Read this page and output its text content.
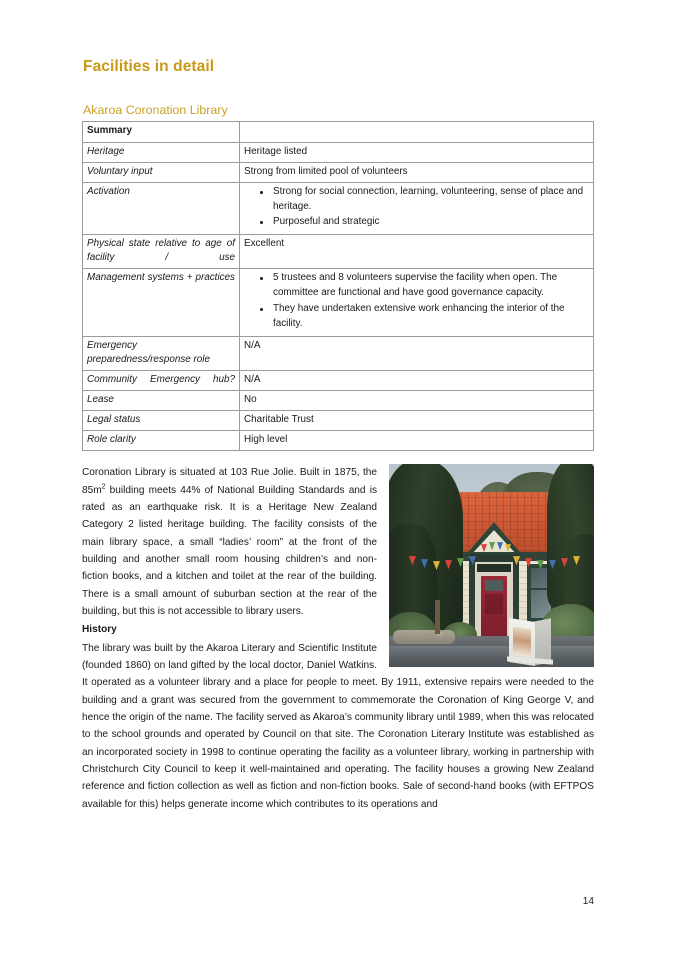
Facilities in detail
Akaroa Coronation Library
Summary	
Heritage	Heritage listed
Voluntary input	Strong from limited pool of volunteers
Activation	Strong for social connection, learning, volunteering, sense of place and heritage.
Purposeful and strategic

Physical state relative to age of facility / use	Excellent
Management systems + practices	5 trustees and 8 volunteers supervise the facility when open. The committee are functional and have good governance capacity.
They have undertaken extensive work enhancing the interior of the facility.

Emergency preparedness/response role	N/A
Community Emergency hub?	N/A
Lease	No
Legal status	Charitable Trust
Role clarity	High level

Coronation Library is situated at 103 Rue Jolie. Built in 1875, the $85m^2$ building meets 44% of National Building Standards and is rated as an earthquake risk. It is a Heritage New Zealand Category 2 listed heritage building. The facility consists of the main library space, a small “ladies’ room” at the front of the building and another small room housing children’s and non-fiction books, and a kitchen and toilet at the rear of the building. There is a small amount of suburban section at the rear of the building, but this is not accessible to library users.

History

The library was built by the Akaroa Literary and Scientific Institute (founded 1860) on land gifted by the local doctor, Daniel Watkins. It operated as a volunteer library and a place for people to meet. By 1911, extensive repairs were needed to the building and a grant was secured from the government to commemorate the Coronation of King George V, and hence the origin of the name. The facility served as Akaroa’s community library until 1989, when this was relocated to the school grounds and operated by Council on that site. The Coronation Literary Institute was established as an incorporated society in 1998 to continue operating the facility as a volunteer library, working in partnership with Christchurch City Council to keep it well-maintained and operating. The facility houses a growing New Zealand reference and fiction collection as well as fiction and non-fiction books. Sale of second-hand books (with EFTPOS available for this) helps generate income which contributes to its operations and

14
